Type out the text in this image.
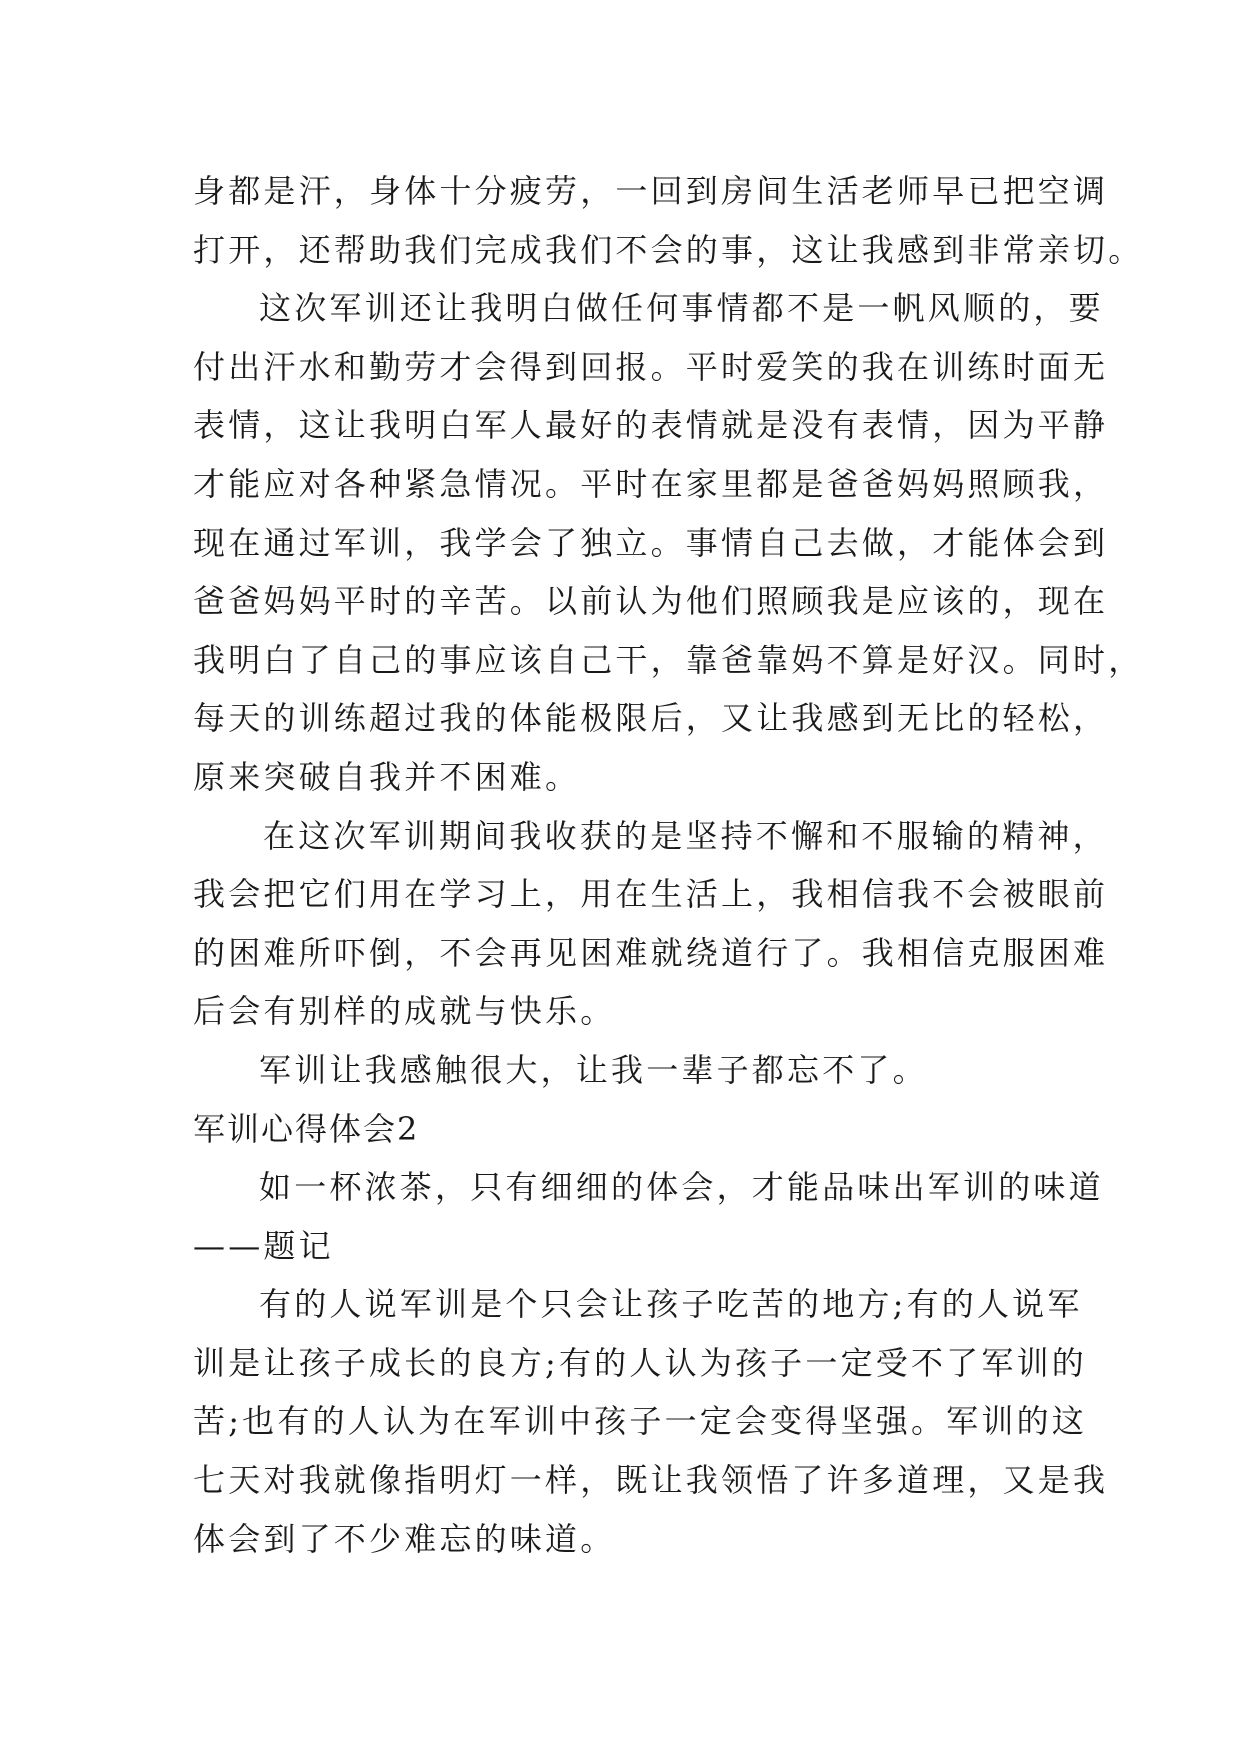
身都是汗，身体十分疲劳，一回到房间生活老师早已把空调
打开，还帮助我们完成我们不会的事，这让我感到非常亲切。
这次军训还让我明白做任何事情都不是一帆风顺的，要
付出汗水和勤劳才会得到回报。平时爱笑的我在训练时面无
表情，这让我明白军人最好的表情就是没有表情，因为平静
才能应对各种紧急情况。平时在家里都是爸爸妈妈照顾我，
现在通过军训，我学会了独立。事情自己去做，才能体会到
爸爸妈妈平时的辛苦。以前认为他们照顾我是应该的，现在
我明白了自己的事应该自己干，靠爸靠妈不算是好汉。同时，
每天的训练超过我的体能极限后，又让我感到无比的轻松，
原来突破自我并不困难。
在这次军训期间我收获的是坚持不懈和不服输的精神，
我会把它们用在学习上，用在生活上，我相信我不会被眼前
的困难所吓倒，不会再见困难就绕道行了。我相信克服困难
后会有别样的成就与快乐。
军训让我感触很大，让我一辈子都忘不了。
军训心得体会2
如一杯浓茶，只有细细的体会，才能品味出军训的味道
——题记
有的人说军训是个只会让孩子吃苦的地方;有的人说军
训是让孩子成长的良方;有的人认为孩子一定受不了军训的
苦;也有的人认为在军训中孩子一定会变得坚强。军训的这
七天对我就像指明灯一样，既让我领悟了许多道理，又是我
体会到了不少难忘的味道。
